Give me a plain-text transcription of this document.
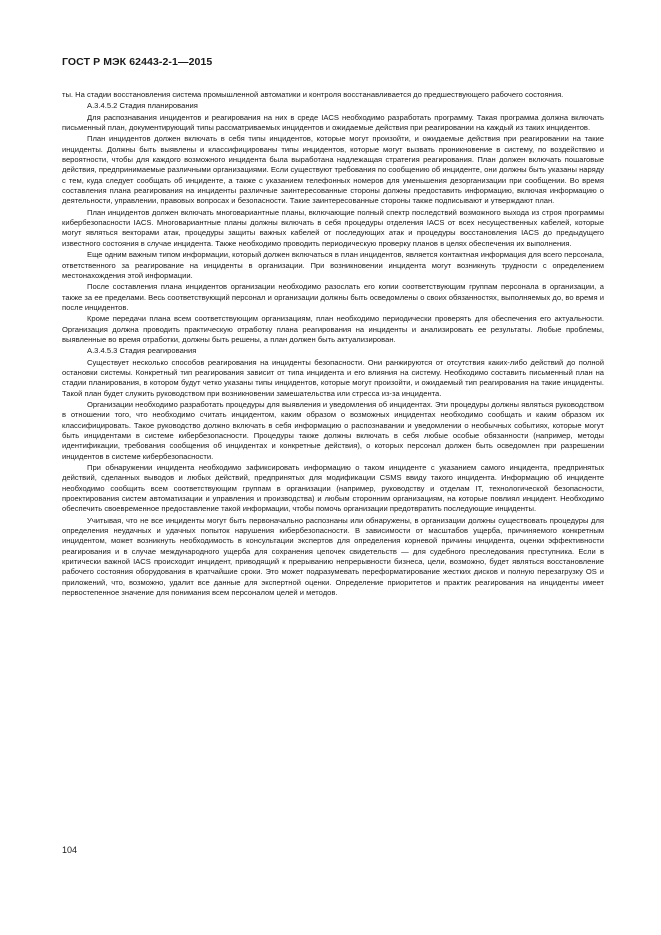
ГОСТ Р МЭК 62443-2-1—2015

ты. На стадии восстановления система промышленной автоматики и контроля восстанавливается до предшествующего рабочего состояния.

А.3.4.5.2 Стадия планирования

Для распознавания инцидентов и реагирования на них в среде IACS необходимо разработать программу. Такая программа должна включать письменный план, документирующий типы рассматриваемых инцидентов и ожидаемые действия при реагировании на каждый из таких инцидентов.

План инцидентов должен включать в себя типы инцидентов, которые могут произойти, и ожидаемые действия при реагировании на такие инциденты. Должны быть выявлены и классифицированы типы инцидентов, которые могут вызвать проникновение в систему, по воздействию и вероятности, чтобы для каждого возможного инцидента была выработана надлежащая стратегия реагирования. План должен включать пошаговые действия, предпринимаемые различными организациями. Если существуют требования по сообщению об инциденте, они должны быть указаны наряду с тем, куда следует сообщать об инциденте, а также с указанием телефонных номеров для уменьшения дезорганизации при сообщении. Во время составления плана реагирования на инциденты различные заинтересованные стороны должны предоставить информацию, включая информацию о деятельности, управлении, правовых вопросах и безопасности. Такие заинтересованные стороны также подписывают и утверждают план.

План инцидентов должен включать многовариантные планы, включающие полный спектр последствий возможного выхода из строя программы кибербезопасности IACS. Многовариантные планы должны включать в себя процедуры отделения IACS от всех несущественных кабелей, которые могут являться векторами атак, процедуры защиты важных кабелей от последующих атак и процедуры восстановления IACS до предыдущего известного состояния в случае инцидента. Также необходимо проводить периодическую проверку планов в целях обеспечения их выполнения.

Еще одним важным типом информации, который должен включаться в план инцидентов, является контактная информация для всего персонала, ответственного за реагирование на инциденты в организации. При возникновении инцидента могут возникнуть трудности с определением местонахождения этой информации.

После составления плана инцидентов организации необходимо разослать его копии соответствующим группам персонала в организации, а также за ее пределами. Весь соответствующий персонал и организации должны быть осведомлены о своих обязанностях, выполняемых до, во время и после инцидентов.

Кроме передачи плана всем соответствующим организациям, план необходимо периодически проверять для обеспечения его актуальности. Организация должна проводить практическую отработку плана реагирования на инциденты и анализировать ее результаты. Любые проблемы, выявленные во время отработки, должны быть решены, а план должен быть актуализирован.

А.3.4.5.3 Стадия реагирования

Существует несколько способов реагирования на инциденты безопасности. Они ранжируются от отсутствия каких-либо действий до полной остановки системы. Конкретный тип реагирования зависит от типа инцидента и его влияния на систему. Необходимо составить письменный план на стадии планирования, в котором будут четко указаны типы инцидентов, которые могут произойти, и ожидаемый тип реагирования на такие инциденты. Такой план будет служить руководством при возникновении замешательства или стресса из-за инцидента.

Организации необходимо разработать процедуры для выявления и уведомления об инцидентах. Эти процедуры должны являться руководством в отношении того, что необходимо считать инцидентом, каким образом о возможных инцидентах необходимо сообщать и каким образом их классифицировать. Такое руководство должно включать в себя информацию о распознавании и уведомлении о необычных событиях, которые могут быть инцидентами в системе кибербезопасности. Процедуры также должны включать в себя любые особые обязанности (например, методы идентификации, требования сообщения об инцидентах и конкретные действия), о которых персонал должен быть осведомлен при разрешении инцидентов в системе кибербезопасности.

При обнаружении инцидента необходимо зафиксировать информацию о таком инциденте с указанием самого инцидента, предпринятых действий, сделанных выводов и любых действий, предпринятых для модификации CSMS ввиду такого инцидента. Информацию об инциденте необходимо сообщить всем соответствующим группам в организации (например, руководству и отделам IT, технологической безопасности, проектирования систем автоматизации и управления и производства) и любым сторонним организациям, на которые повлиял инцидент. Необходимо обеспечить своевременное предоставление такой информации, чтобы помочь организации предотвратить последующие инциденты.

Учитывая, что не все инциденты могут быть первоначально распознаны или обнаружены, в организации должны существовать процедуры для определения неудачных и удачных попыток нарушения кибербезопасности. В зависимости от масштабов ущерба, причиняемого конкретным инцидентом, может возникнуть необходимость в консультации экспертов для определения корневой причины инцидента, оценки эффективности реагирования и в случае международного ущерба для сохранения цепочек свидетельств — для судебного преследования преступника. Если в критически важной IACS происходит инцидент, приводящий к прерыванию непрерывности бизнеса, цели, возможно, будет являться восстановление рабочего состояния оборудования в кратчайшие сроки. Это может подразумевать переформатирование жестких дисков и полную перезагрузку OS и приложений, что, возможно, удалит все данные для экспертной оценки. Определение приоритетов и практик реагирования на инциденты имеет первостепенное значение для понимания всем персоналом целей и методов.

104
